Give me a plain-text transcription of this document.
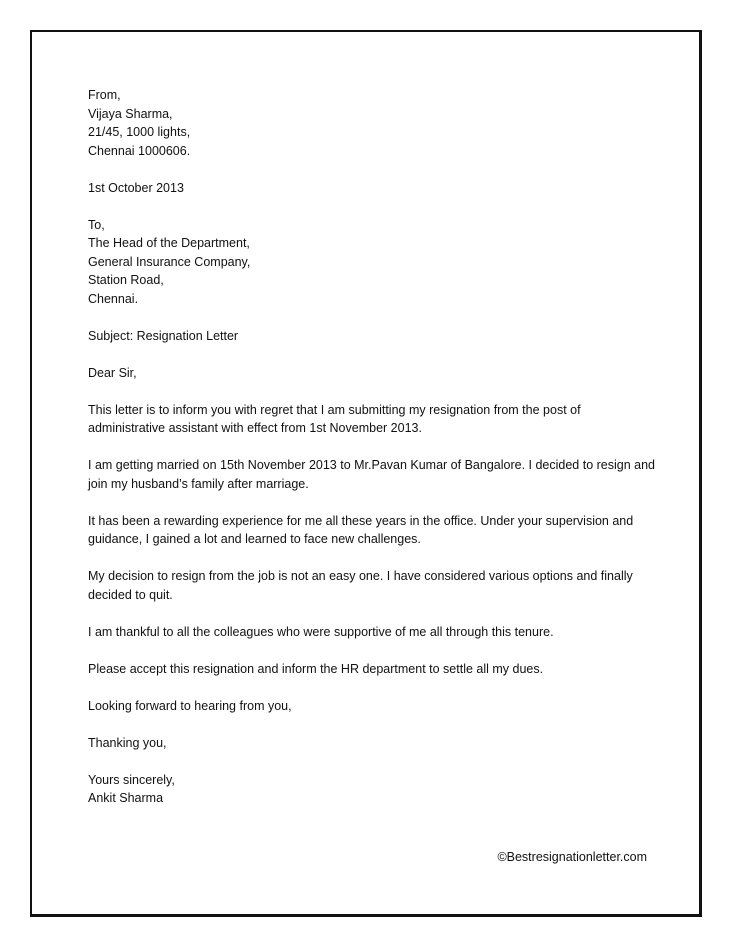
From,
Vijaya Sharma,
21/45, 1000 lights,
Chennai 1000606.
1st October 2013
To,
The Head of the Department,
General Insurance Company,
Station Road,
Chennai.
Subject: Resignation Letter
Dear Sir,
This letter is to inform you with regret that I am submitting my resignation from the post of
administrative assistant with effect from 1st November 2013.
I am getting married on 15th November 2013 to Mr.Pavan Kumar of Bangalore. I decided to resign and
join my husband’s family after marriage.
It has been a rewarding experience for me all these years in the office. Under your supervision and
guidance, I gained a lot and learned to face new challenges.
My decision to resign from the job is not an easy one. I have considered various options and finally
decided to quit.
I am thankful to all the colleagues who were supportive of me all through this tenure.
Please accept this resignation and inform the HR department to settle all my dues.
Looking forward to hearing from you,
Thanking you,
Yours sincerely,
Ankit Sharma
©Bestresignationletter.com
